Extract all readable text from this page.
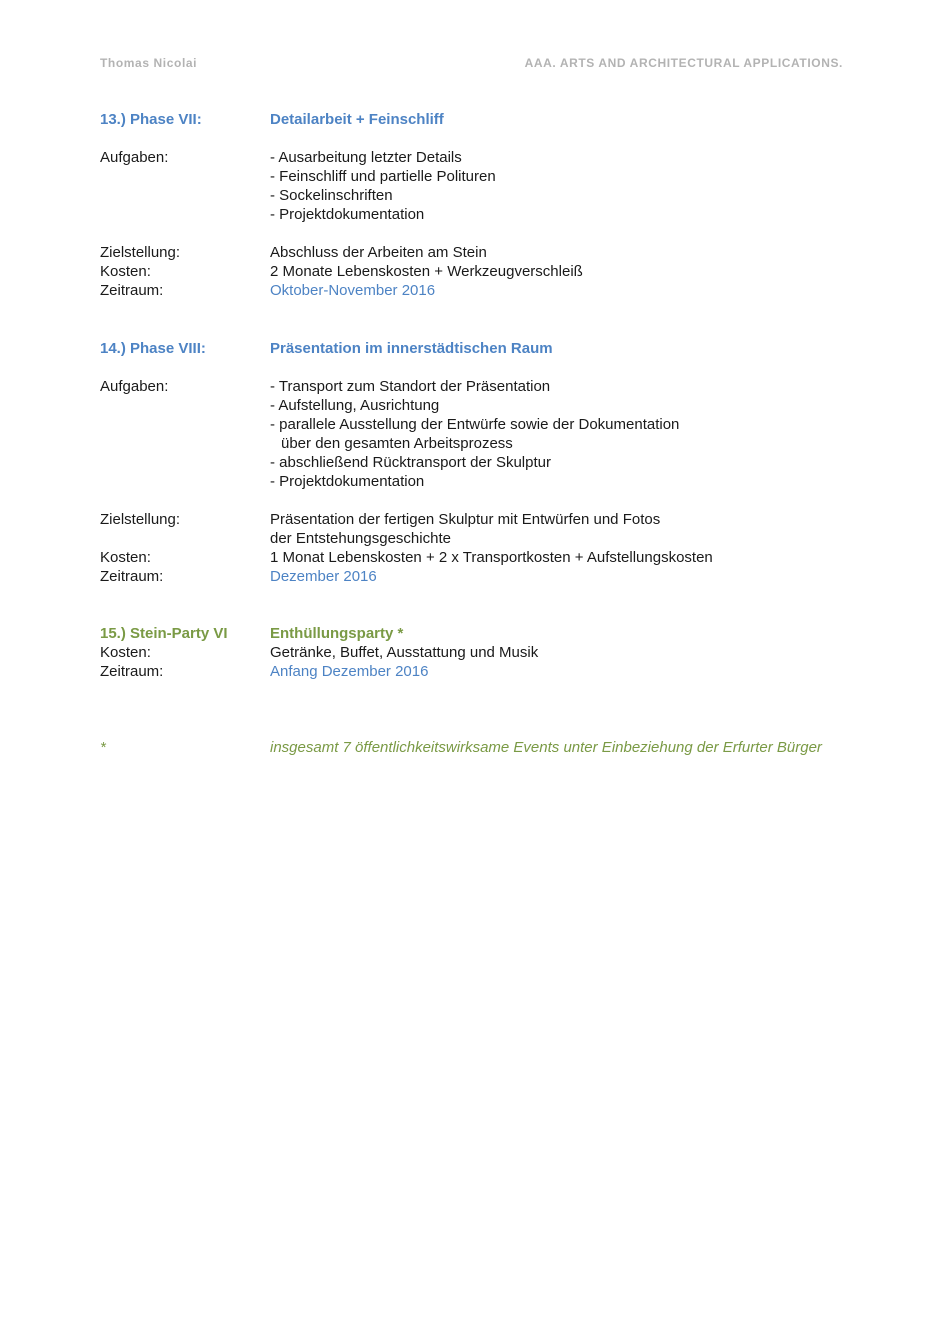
Thomas Nicolai	AAA. ARTS AND ARCHITECTURAL APPLICATIONS.
13.) Phase VII:	Detailarbeit + Feinschliff
Aufgaben:	- Ausarbeitung letzter Details
- Feinschliff und partielle Polituren
- Sockelinschriften
- Projektdokumentation
Zielstellung:	Abschluss der Arbeiten am Stein
Kosten:	2 Monate Lebenskosten + Werkzeugverschleiß
Zeitraum:	Oktober-November 2016
14.) Phase VIII:	Präsentation im innerstädtischen Raum
Aufgaben:	- Transport zum Standort der Präsentation
- Aufstellung, Ausrichtung
- parallele Ausstellung der Entwürfe sowie der Dokumentation
über den gesamten Arbeitsprozess
- abschließend Rücktransport der Skulptur
- Projektdokumentation
Zielstellung:	Präsentation der fertigen Skulptur mit Entwürfen und Fotos
der Entstehungsgeschichte
Kosten:	1 Monat Lebenskosten + 2 x Transportkosten + Aufstellungskosten
Zeitraum:	Dezember 2016
15.) Stein-Party VI	Enthüllungsparty *
Kosten:	Getränke, Buffet, Ausstattung und Musik
Zeitraum:	Anfang Dezember 2016
*	insgesamt 7 öffentlichkeitswirksame Events unter Einbeziehung der Erfurter Bürger
